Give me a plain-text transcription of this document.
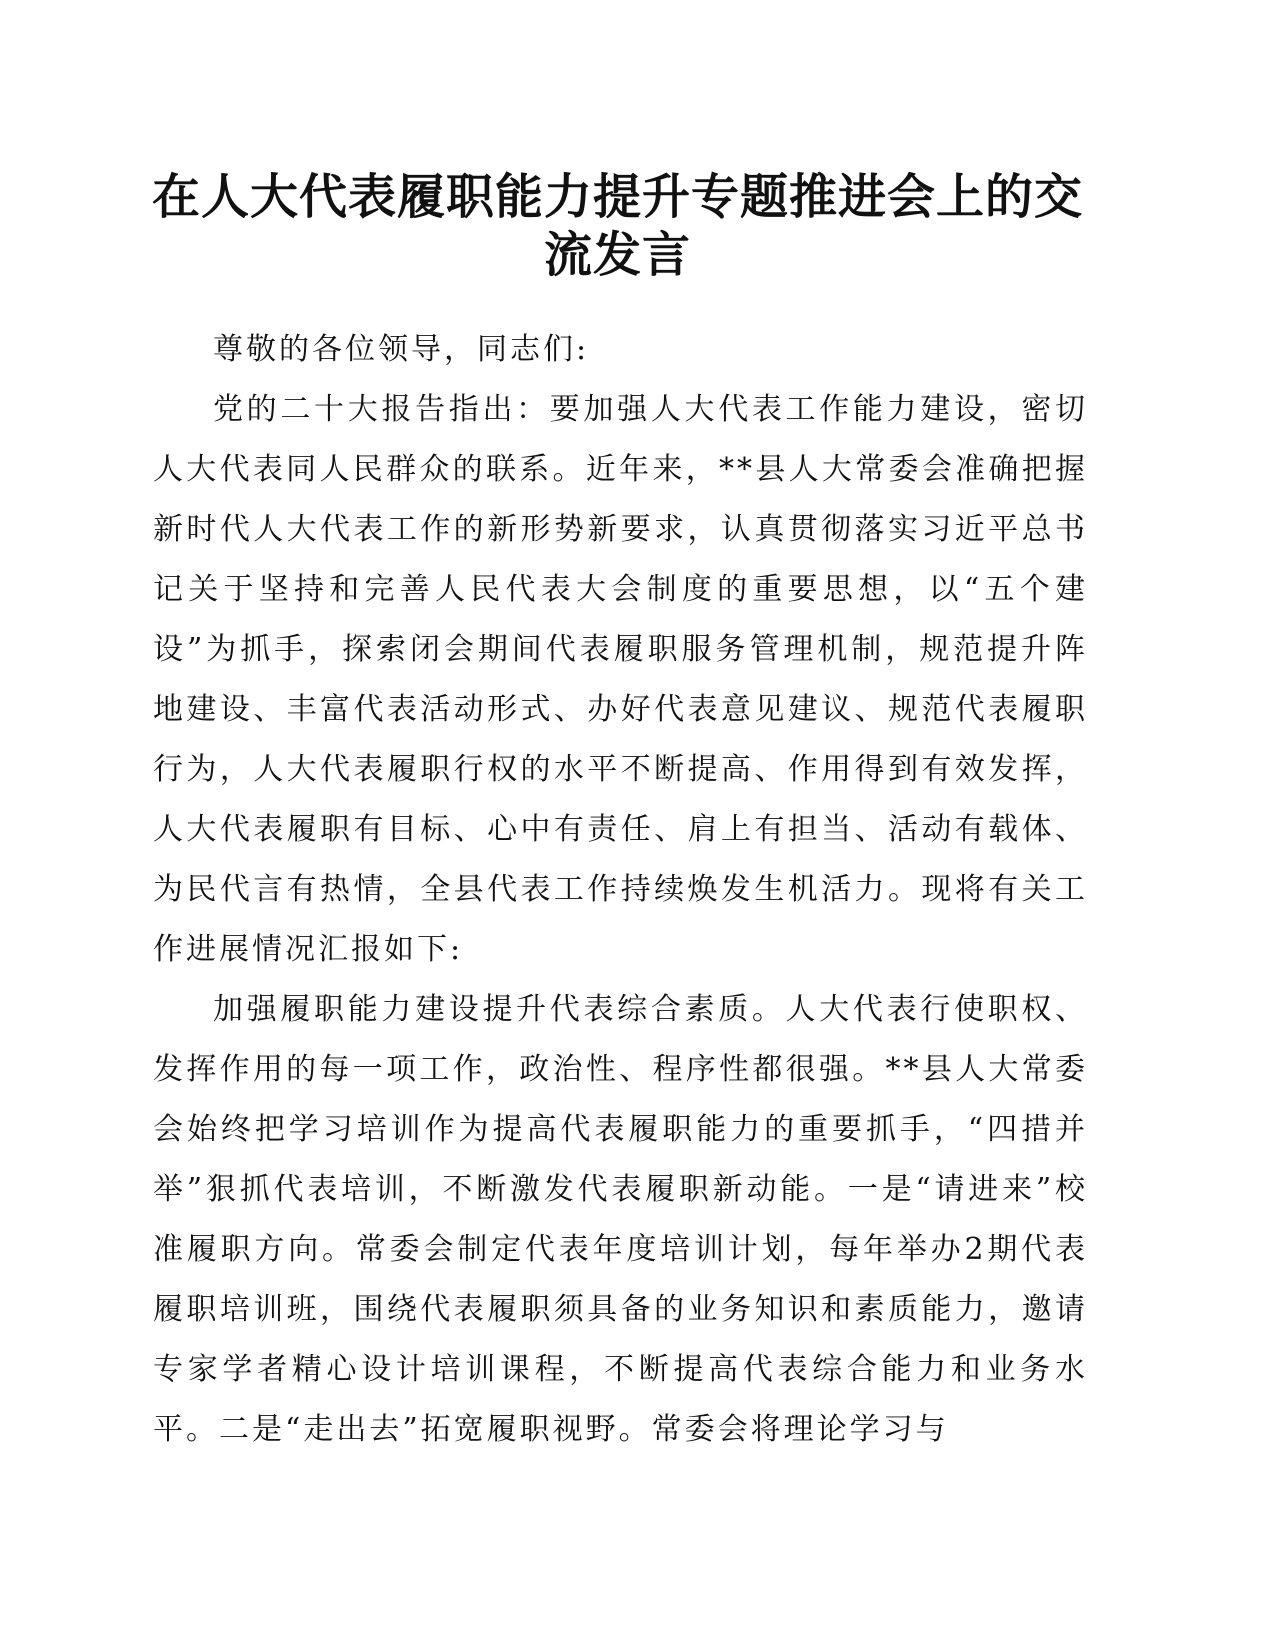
在人大代表履职能力提升专题推进会上的交流发言

尊敬的各位领导，同志们:

党的二十大报告指出：要加强人大代表工作能力建设，密切人大代表同人民群众的联系。近年来，**县人大常委会准确把握新时代人大代表工作的新形势新要求，认真贯彻落实习近平总书记关于坚持和完善人民代表大会制度的重要思想，以“五个建设”为抓手，探索闭会期间代表履职服务管理机制，规范提升阵地建设、丰富代表活动形式、办好代表意见建议、规范代表履职行为，人大代表履职行权的水平不断提高、作用得到有效发挥，人大代表履职有目标、心中有责任、肩上有担当、活动有载体、为民代言有热情，全县代表工作持续焕发生机活力。现将有关工作进展情况汇报如下:

加强履职能力建设提升代表综合素质。人大代表行使职权、发挥作用的每一项工作，政治性、程序性都很强。**县人大常委会始终把学习培训作为提高代表履职能力的重要抓手，“四措并举”狠抓代表培训，不断激发代表履职新动能。一是“请进来”校准履职方向。常委会制定代表年度培训计划，每年举办2期代表履职培训班，围绕代表履职须具备的业务知识和素质能力，邀请专家学者精心设计培训课程，不断提高代表综合能力和业务水平。二是“走出去”拓宽履职视野。常委会将理论学习与
